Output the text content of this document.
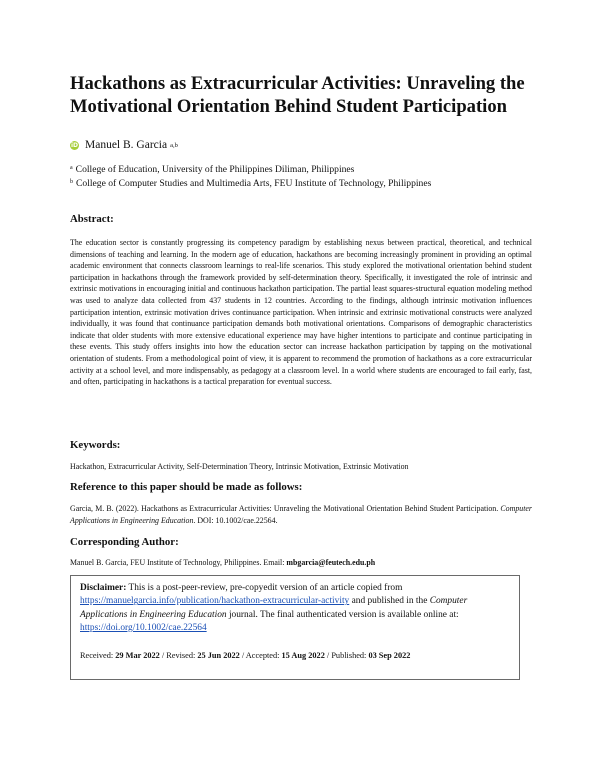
Hackathons as Extracurricular Activities: Unraveling the Motivational Orientation Behind Student Participation
iD Manuel B. Garcia a,b
$^a$ College of Education, University of the Philippines Diliman, Philippines
$^b$ College of Computer Studies and Multimedia Arts, FEU Institute of Technology, Philippines
Abstract:
The education sector is constantly progressing its competency paradigm by establishing nexus between practical, theoretical, and technical dimensions of teaching and learning. In the modern age of education, hackathons are becoming increasingly prominent in providing an optimal academic environment that connects classroom learnings to real-life scenarios. This study explored the motivational orientation behind student participation in hackathons through the framework provided by self-determination theory. Specifically, it investigated the role of intrinsic and extrinsic motivations in encouraging initial and continuous hackathon participation. The partial least squares-structural equation modeling method was used to analyze data collected from 437 students in 12 countries. According to the findings, although intrinsic motivation influences participation intention, extrinsic motivation drives continuance participation. When intrinsic and extrinsic motivational constructs were analyzed individually, it was found that continuance participation demands both motivational orientations. Comparisons of demographic characteristics indicate that older students with more extensive educational experience may have higher intentions to participate and continue participating in these events. This study offers insights into how the education sector can increase hackathon participation by tapping on the motivational orientation of students. From a methodological point of view, it is apparent to recommend the promotion of hackathons as a core extracurricular activity at a school level, and more indispensably, as pedagogy at a classroom level. In a world where students are encouraged to fail early, fast, and often, participating in hackathons is a tactical preparation for eventual success.
Keywords:
Hackathon, Extracurricular Activity, Self-Determination Theory, Intrinsic Motivation, Extrinsic Motivation
Reference to this paper should be made as follows:
Garcia, M. B. (2022). Hackathons as Extracurricular Activities: Unraveling the Motivational Orientation Behind Student Participation. Computer Applications in Engineering Education. DOI: 10.1002/cae.22564.
Corresponding Author:
Manuel B. Garcia, FEU Institute of Technology, Philippines. Email: mbgarcia@feutech.edu.ph
Disclaimer: This is a post-peer-review, pre-copyedit version of an article copied from https://manuelgarcia.info/publication/hackathon-extracurricular-activity and published in the Computer Applications in Engineering Education journal. The final authenticated version is available online at: https://doi.org/10.1002/cae.22564
Received: 29 Mar 2022 / Revised: 25 Jun 2022 / Accepted: 15 Aug 2022 / Published: 03 Sep 2022
